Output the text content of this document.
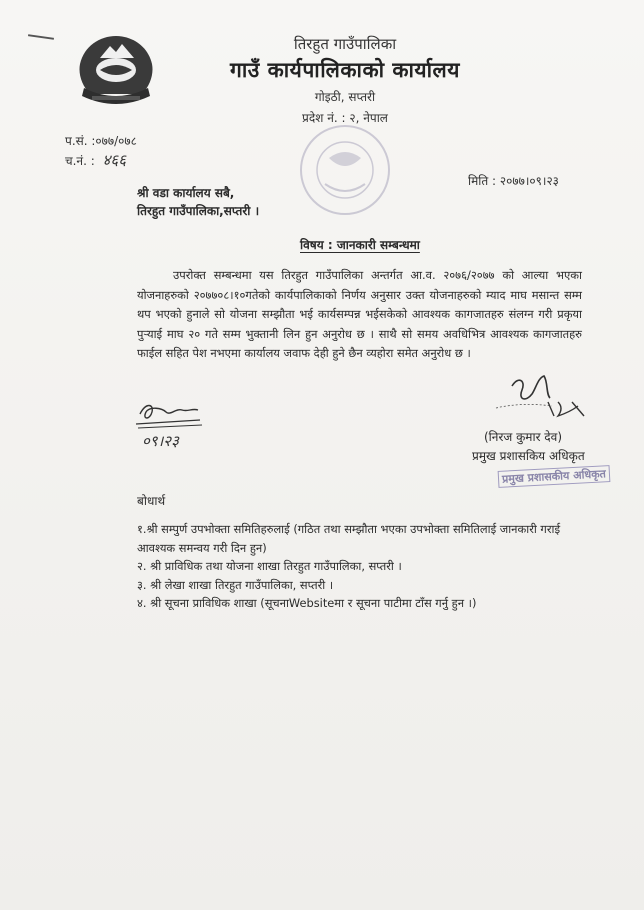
तिरहुत गाउँपालिका
गाउँ कार्यपालिकाको कार्यालय
गोइठी, सप्तरी
प्रदेश नं. : २, नेपाल
प.सं. :०७७/०७८
च.नं. : ४६६
मिति : २०७७।०९।२३
श्री वडा कार्यालय सबै,
तिरहुत गाउँपालिका,सप्तरी ।
विषय : जानकारी सम्बन्धमा
उपरोक्त सम्बन्धमा यस तिरहुत गाउँपालिका अन्तर्गत आ.व. २०७६/२०७७ को आल्या भएका योजनाहरुको २०७७०८।१०गतेको कार्यपालिकाको निर्णय अनुसार उक्त योजनाहरुको म्याद माघ मसान्त सम्म थप भएको हुनाले सो योजना सम्झौता भई कार्यसम्पन्न भईसकेको आवश्यक कागजातहरु संलग्न गरी प्रकृया पुऱ्याई माघ २० गते सम्म भुक्तानी लिन हुन अनुरोध छ । साथै सो समय अवधिभित्र आवश्यक कागजातहरु फाईल सहित पेश नभएमा कार्यालय जवाफ देही हुने छैन व्यहोरा समेत अनुरोध छ ।
०९।२३	(निरज कुमार देव)
प्रमुख प्रशासकिय अधिकृत
प्रमुख प्रशासकीय अधिकृत
बोधार्थ
१.श्री सम्पुर्ण उपभोक्ता समितिहरुलाई (गठित तथा सम्झौता भएका उपभोक्ता समितिलाई जानकारी गराई आवश्यक समन्वय गरी दिन हुन)
२. श्री प्राविधिक तथा योजना शाखा तिरहुत गाउँपालिका, सप्तरी ।
३. श्री लेखा शाखा तिरहुत गाउँपालिका, सप्तरी ।
४. श्री सूचना प्राविधिक शाखा (सूचनाWebsiteमा र सूचना पाटीमा टाँस गर्नु हुन ।)
